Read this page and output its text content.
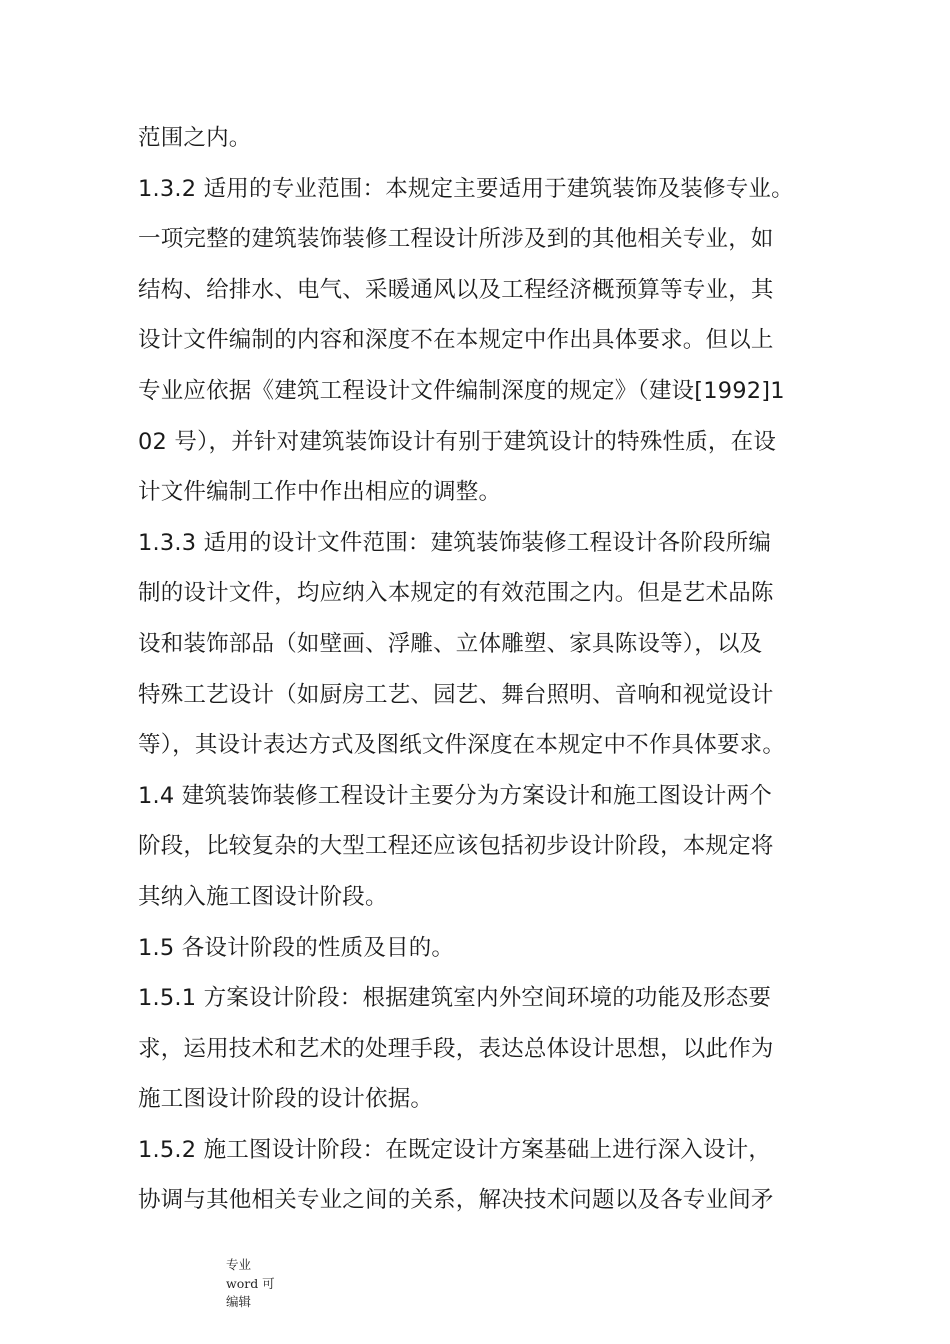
范围之内。
1.3.2 适用的专业范围：本规定主要适用于建筑装饰及装修专业。
一项完整的建筑装饰装修工程设计所涉及到的其他相关专业，如
结构、给排水、电气、采暖通风以及工程经济概预算等专业，其
设计文件编制的内容和深度不在本规定中作出具体要求。但以上
专业应依据《建筑工程设计文件编制深度的规定》（建设[1992]1
02 号），并针对建筑装饰设计有别于建筑设计的特殊性质，在设
计文件编制工作中作出相应的调整。
1.3.3 适用的设计文件范围：建筑装饰装修工程设计各阶段所编
制的设计文件，均应纳入本规定的有效范围之内。但是艺术品陈
设和装饰部品（如壁画、浮雕、立体雕塑、家具陈设等），以及
特殊工艺设计（如厨房工艺、园艺、舞台照明、音响和视觉设计
等），其设计表达方式及图纸文件深度在本规定中不作具体要求。
1.4 建筑装饰装修工程设计主要分为方案设计和施工图设计两个
阶段，比较复杂的大型工程还应该包括初步设计阶段，本规定将
其纳入施工图设计阶段。
1.5 各设计阶段的性质及目的。
1.5.1 方案设计阶段：根据建筑室内外空间环境的功能及形态要
求，运用技术和艺术的处理手段，表达总体设计思想，以此作为
施工图设计阶段的设计依据。
1.5.2 施工图设计阶段：在既定设计方案基础上进行深入设计，
协调与其他相关专业之间的关系，解决技术问题以及各专业间矛
专业
word 可
编辑
